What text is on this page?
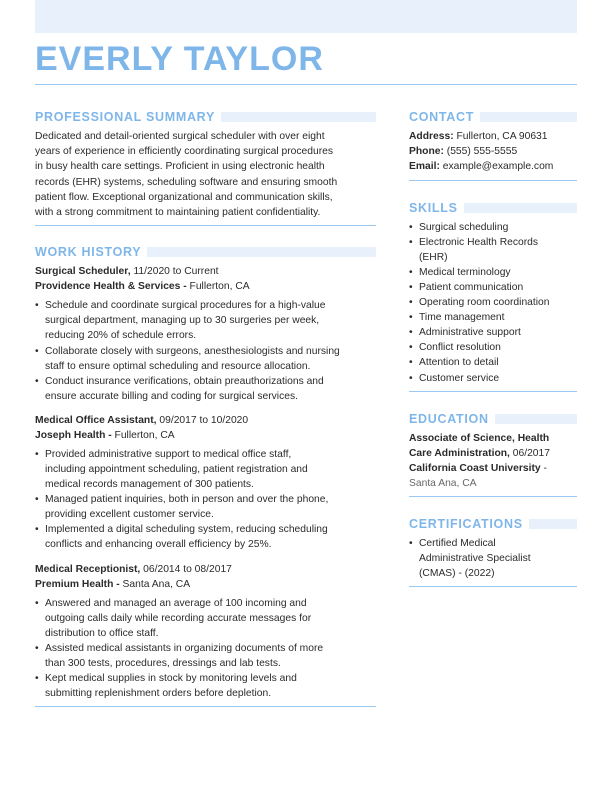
EVERLY TAYLOR
PROFESSIONAL SUMMARY

Dedicated and detail-oriented surgical scheduler with over eight
years of experience in efficiently coordinating surgical procedures
in busy health care settings. Proficient in using electronic health
records (EHR) systems, scheduling software and ensuring smooth
patient flow. Exceptional organizational and communication skills,
with a strong commitment to maintaining patient confidentiality.

WORK HISTORY

Surgical Scheduler, 11/2020 to Current

Providence Health & Services - Fullerton, CA

• Schedule and coordinate surgical procedures for a high-value
surgical department, managing up to 30 surgeries per week,
reducing 20% of schedule errors.
• Collaborate closely with surgeons, anesthesiologists and nursing
staff to ensure optimal scheduling and resource allocation.
• Conduct insurance verifications, obtain preauthorizations and
ensure accurate billing and coding for surgical services.

Medical Office Assistant, 09/2017 to 10/2020

Joseph Health - Fullerton, CA

• Provided administrative support to medical office staff,
including appointment scheduling, patient registration and
medical records management of 300 patients.
• Managed patient inquiries, both in person and over the phone,
providing excellent customer service.
• Implemented a digital scheduling system, reducing scheduling
conflicts and enhancing overall efficiency by 25%.

Medical Receptionist, 06/2014 to 08/2017

Premium Health - Santa Ana, CA

• Answered and managed an average of 100 incoming and
outgoing calls daily while recording accurate messages for
distribution to office staff.
• Assisted medical assistants in organizing documents of more
than 300 tests, procedures, dressings and lab tests.
• Kept medical supplies in stock by monitoring levels and
submitting replenishment orders before depletion.
CONTACT

Address: Fullerton, CA 90631

Phone: (555) 555-5555

Email: example@example.com

SKILLS
• Surgical scheduling
• Electronic Health Records
(EHR)
• Medical terminology
• Patient communication
• Operating room coordination
• Time management
• Administrative support
• Conflict resolution
• Attention to detail
• Customer service
EDUCATION

Associate of Science, Health
Care Administration, 06/2017

California Coast University -

Santa Ana, CA

CERTIFICATIONS
• Certified Medical
Administrative Specialist
(CMAS) - (2022)
